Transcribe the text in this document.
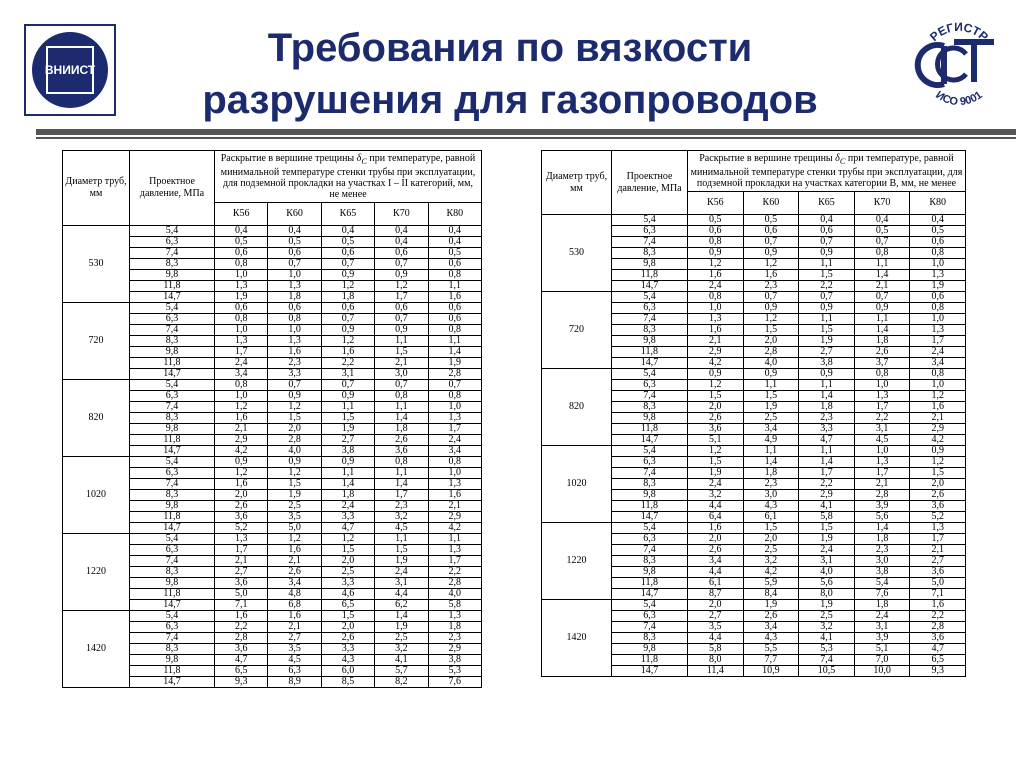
ВНИИСТ	Требования по вязкости
разрушения для газопроводов
РЕГИСТР
ИСО 9001
Диаметр труб, мм	Проектное давление, МПа	Раскрытие в вершине трещины $\delta_С$ при температуре, равной минимальной температуре стенки трубы при эксплуатации, для подземной прокладки на участках I – II категорий, мм, не менее				
		К56	К60	К65	К70	К80
530	5,4	0,4	0,4	0,4	0,4	0,4
	6,3	0,5	0,5	0,5	0,4	0,4
	7,4	0,6	0,6	0,6	0,6	0,5
	8,3	0,8	0,7	0,7	0,7	0,6
	9,8	1,0	1,0	0,9	0,9	0,8
	11,8	1,3	1,3	1,2	1,2	1,1
	14,7	1,9	1,8	1,8	1,7	1,6
720	5,4	0,6	0,6	0,6	0,6	0,6
	6,3	0,8	0,8	0,7	0,7	0,6
	7,4	1,0	1,0	0,9	0,9	0,8
	8,3	1,3	1,3	1,2	1,1	1,1
	9,8	1,7	1,6	1,6	1,5	1,4
	11,8	2,4	2,3	2,2	2,1	1,9
	14,7	3,4	3,3	3,1	3,0	2,8
820	5,4	0,8	0,7	0,7	0,7	0,7
	6,3	1,0	0,9	0,9	0,8	0,8
	7,4	1,2	1,2	1,1	1,1	1,0
	8,3	1,6	1,5	1,5	1,4	1,3
	9,8	2,1	2,0	1,9	1,8	1,7
	11,8	2,9	2,8	2,7	2,6	2,4
	14,7	4,2	4,0	3,8	3,6	3,4
1020	5,4	0,9	0,9	0,9	0,8	0,8
	6,3	1,2	1,2	1,1	1,1	1,0
	7,4	1,6	1,5	1,4	1,4	1,3
	8,3	2,0	1,9	1,8	1,7	1,6
	9,8	2,6	2,5	2,4	2,3	2,1
	11,8	3,6	3,5	3,3	3,2	2,9
	14,7	5,2	5,0	4,7	4,5	4,2
1220	5,4	1,3	1,2	1,2	1,1	1,1
	6,3	1,7	1,6	1,5	1,5	1,3
	7,4	2,1	2,1	2,0	1,9	1,7
	8,3	2,7	2,6	2,5	2,4	2,2
	9,8	3,6	3,4	3,3	3,1	2,8
	11,8	5,0	4,8	4,6	4,4	4,0
	14,7	7,1	6,8	6,5	6,2	5,8
1420	5,4	1,6	1,6	1,5	1,4	1,3
	6,3	2,2	2,1	2,0	1,9	1,8
	7,4	2,8	2,7	2,6	2,5	2,3
	8,3	3,6	3,5	3,3	3,2	2,9
	9,8	4,7	4,5	4,3	4,1	3,8
	11,8	6,5	6,3	6,0	5,7	5,3
	14,7	9,3	8,9	8,5	8,2	7,6
Диаметр труб, мм	Проектное давление, МПа	Раскрытие в вершине трещины $\delta_С$ при температуре, равной минимальной температуре стенки трубы при эксплуатации, для подземной прокладки на участках категории В, мм, не менее				
		К56	К60	К65	К70	К80
530	5,4	0,5	0,5	0,4	0,4	0,4
	6,3	0,6	0,6	0,6	0,5	0,5
	7,4	0,8	0,7	0,7	0,7	0,6
	8,3	0,9	0,9	0,9	0,8	0,8
	9,8	1,2	1,2	1,1	1,1	1,0
	11,8	1,6	1,6	1,5	1,4	1,3
	14,7	2,4	2,3	2,2	2,1	1,9
720	5,4	0,8	0,7	0,7	0,7	0,6
	6,3	1,0	0,9	0,9	0,9	0,8
	7,4	1,3	1,2	1,1	1,1	1,0
	8,3	1,6	1,5	1,5	1,4	1,3
	9,8	2,1	2,0	1,9	1,8	1,7
	11,8	2,9	2,8	2,7	2,6	2,4
	14,7	4,2	4,0	3,8	3,7	3,4
820	5,4	0,9	0,9	0,9	0,8	0,8
	6,3	1,2	1,1	1,1	1,0	1,0
	7,4	1,5	1,5	1,4	1,3	1,2
	8,3	2,0	1,9	1,8	1,7	1,6
	9,8	2,6	2,5	2,3	2,2	2,1
	11,8	3,6	3,4	3,3	3,1	2,9
	14,7	5,1	4,9	4,7	4,5	4,2
1020	5,4	1,2	1,1	1,1	1,0	0,9
	6,3	1,5	1,4	1,4	1,3	1,2
	7,4	1,9	1,8	1,7	1,7	1,5
	8,3	2,4	2,3	2,2	2,1	2,0
	9,8	3,2	3,0	2,9	2,8	2,6
	11,8	4,4	4,3	4,1	3,9	3,6
	14,7	6,4	6,1	5,8	5,6	5,2
1220	5,4	1,6	1,5	1,5	1,4	1,3
	6,3	2,0	2,0	1,9	1,8	1,7
	7,4	2,6	2,5	2,4	2,3	2,1
	8,3	3,4	3,2	3,1	3,0	2,7
	9,8	4,4	4,2	4,0	3,8	3,6
	11,8	6,1	5,9	5,6	5,4	5,0
	14,7	8,7	8,4	8,0	7,6	7,1
1420	5,4	2,0	1,9	1,9	1,8	1,6
	6,3	2,7	2,6	2,5	2,4	2,2
	7,4	3,5	3,4	3,2	3,1	2,8
	8,3	4,4	4,3	4,1	3,9	3,6
	9,8	5,8	5,5	5,3	5,1	4,7
	11,8	8,0	7,7	7,4	7,0	6,5
	14,7	11,4	10,9	10,5	10,0	9,3
